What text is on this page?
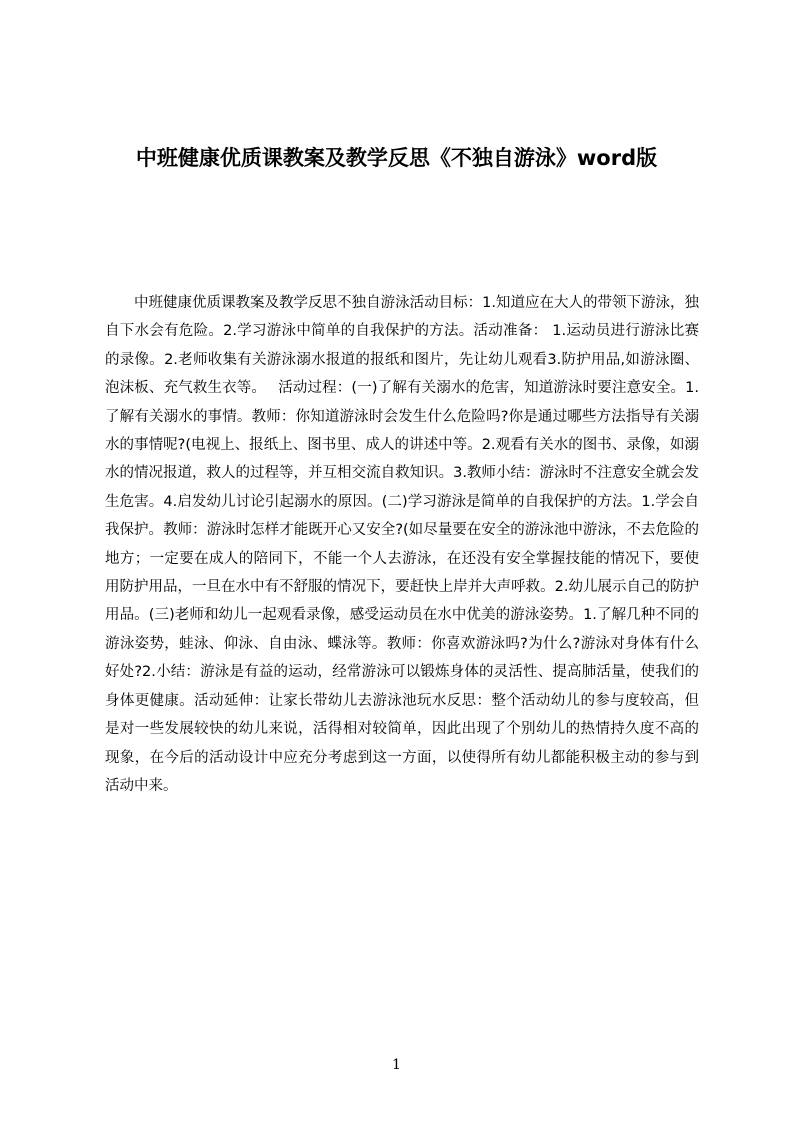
中班健康优质课教案及教学反思《不独自游泳》word版

中班健康优质课教案及教学反思不独自游泳活动目标：1.知道应在大人的带领下游泳，独自下水会有危险。2.学习游泳中简单的自我保护的方法。活动准备： 1.运动员进行游泳比赛的录像。2.老师收集有关游泳溺水报道的报纸和图片，先让幼儿观看3.防护用品,如游泳圈、泡沫板、充气救生衣等。　 活动过程：(一)了解有关溺水的危害，知道游泳时要注意安全。1.了解有关溺水的事情。教师：你知道游泳时会发生什么危险吗?你是通过哪些方法指导有关溺水的事情呢?(电视上、报纸上、图书里、成人的讲述中等。2.观看有关水的图书、录像，如溺水的情况报道，救人的过程等，并互相交流自救知识。3.教师小结：游泳时不注意安全就会发生危害。4.启发幼儿讨论引起溺水的原因。(二)学习游泳是简单的自我保护的方法。1.学会自我保护。教师：游泳时怎样才能既开心又安全?(如尽量要在安全的游泳池中游泳，不去危险的地方；一定要在成人的陪同下，不能一个人去游泳，在还没有安全掌握技能的情况下，要使用防护用品，一旦在水中有不舒服的情况下，要赶快上岸并大声呼救。2.幼儿展示自己的防护用品。(三)老师和幼儿一起观看录像，感受运动员在水中优美的游泳姿势。1.了解几种不同的游泳姿势，蛙泳、仰泳、自由泳、蝶泳等。教师：你喜欢游泳吗?为什么?游泳对身体有什么好处?2.小结：游泳是有益的运动，经常游泳可以锻炼身体的灵活性、提高肺活量，使我们的身体更健康。活动延伸：让家长带幼儿去游泳池玩水反思：整个活动幼儿的参与度较高，但是对一些发展较快的幼儿来说，活得相对较简单，因此出现了个别幼儿的热情持久度不高的现象，在今后的活动设计中应充分考虑到这一方面，以使得所有幼儿都能积极主动的参与到活动中来。

1
